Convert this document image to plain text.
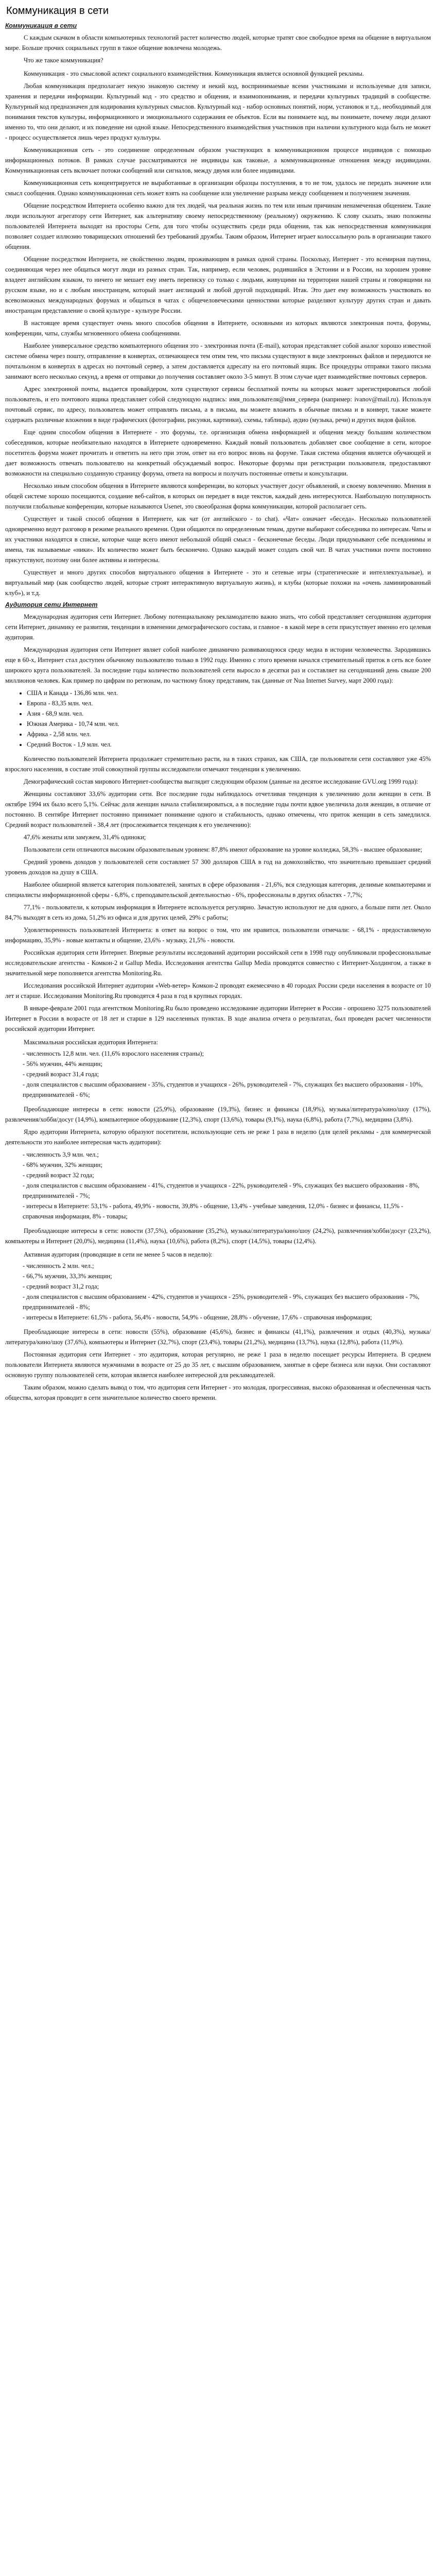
Коммуникация в сети
Коммуникация в сети

С каждым скачком в области компьютерных технологий растет количество людей, которые тратят свое свободное время на общение в виртуальном мире. Больше прочих социальных групп в такое общение вовлечена молодежь.

Что же такое коммуникация?

Коммуникация - это смысловой аспект социального взаимодействия. Коммуникация является основной функцией рекламы.

Любая коммуникация предполагает некую знаковую систему и некий код, воспринимаемые всеми участниками и используемые для записи, хранения и передачи информации. Культурный код - это средство и общения, и взаимопонимания, и передачи культурных традиций в сообществе. Культурный код предназначен для кодирования культурных смыслов. Культурный код - набор основных понятий, норм, установок и т.д., необходимый для понимания текстов культуры, информационного и эмоционального содержания ее объектов. Если вы понимаете код, вы понимаете, почему люди делают именно то, что они делают, и их поведение ни одной языке. Непосредственного взаимодействия участников при наличии культурного кода быть не может - процесс осуществляется лишь через продукт культуры.

Коммуникационная сеть - это соединение определенным образом участвующих в коммуникационном процессе индивидов с помощью информационных потоков. В рамках случае рассматриваются не индивиды как таковые, а коммуникационные отношения между индивидами. Коммуникационная сеть включает потоки сообщений или сигналов, между двумя или более индивидами.

Коммуникационная сеть концентрируется не выработанные в организации образцы поступления, в то не том, удалось не передать значение или смысл сообщения. Однако коммуникационная сеть может взять на сообщение или увеличение разрыва между сообщением и получением значения.

Общение посредством Интернета особенно важно для тех людей, чья реальная жизнь по тем или иным причинам ненамеченная общением. Такие люди используют агрегатору сети Интернет, как альтернативу своему непосредственному (реальному) окружению. К слову сказать, знаю положены пользователей Интернета выходят на просторы Сети, для того чтобы осуществить среди ряда общения, так как непосредственная коммуникация позволяет создает иллюзию товарищеских отношений без требований дружбы. Таким образом, Интернет играет колоссальную роль в организации такого общения.

Общение посредством Интернета, не свойственно людям, проживающим в рамках одной страны. Поскольку, Интернет - это всемирная паутина, соединяющая через нее общаться могут люди из разных стран. Так, например, если человек, родившийся в Эстонии и в России, на хорошем уровне владеет английским языком, то ничего не мешает ему иметь переписку со только с людьми, живущими на территории нашей страны и говорящими на русском языке, но и с любым иностранцем, который знает англицкий и любой другой подходящий. Итак. Это дает ему возможность участвовать во всевозможных международных форумах и общаться в чатах с общечеловеческими ценностями которые разделяют культуру других стран и давать иностранцам представление о своей культуре - культуре России.

В настоящее время существует очень много способов общения в Интернете, основными из которых являются электронная почта, форумы, конференции, чаты, службы мгновенного обмена сообщениями.

Наиболее универсальное средство компьютерного общения это - электронная почта (E-mail), которая представляет собой аналог хорошо известной системе обмена через пошту, отправление в конвертах, отличающееся тем отим тем, что письма существуют в виде электронных файлов и передаются не почтальоном в конвертах в адресах но почтовый сервер, а затем доставляется адресату на его почтовый ящик. Все процедуры отправки такого письма занимают всего несколько секунд, а время от отправки до получения составляет около 3-5 минут. В этом случае идет взаимодействие почтовых серверов.

Адрес электронной почты, выдается провайдером, хотя существуют сервисы бесплатной почты на которых может зарегистрироваться любой пользователь, и его почтового ящика представляет собой следующую надпись: имя_пользователя@имя_сервера (например: ivanov@mail.ru). Используя почтовый сервис, по адресу, пользователь может отправлять письма, а в письма, вы можете вложить в обычные письма и в конверт, также можете содержать различные вложения в виде графических (фотографии, рисунки, картинки), схемы, таблицы), аудио (музыка, речи) и других видов файлов.

Еще одним способом общения в Интернете - это форумы, т.е. организация обмена информацией и общения между большим количеством собеседников, которые необязательно находятся в Интернете одновременно. Каждый новый пользователь добавляет свое сообщение в сети, которое посетитель форума может прочитать и ответить на него при этом, ответ на его вопрос вновь на форуме. Такая система общения является обучающей и дает возможность отвечать пользователю на конкретный обсуждаемый вопрос. Некоторые форумы при регистрации пользователя, предоставляют возможности на специально созданную страницу форума, ответа на вопросы и получать постоянные ответы и консультации.

Несколько иным способом общения в Интернете являются конференции, во которых участвует досуг объявлений, и своему вовлечению. Мнения в общей системе хорошо посещаются, создание веб-сайтов, в которых он передает в виде текстов, каждый день интересуются. Наибольшую популярность получили глобальные конференции, которые называются Usenet, это своеобразная форма коммуникации, которой располагает сеть.

Существует и такой способ общения в Интернете, как чат (от английского - to chat). «Чат» означает «беседа». Несколько пользователей одновременно ведут разговор в режиме реального времени. Одни общаются по определенным темам, другие выбирают собеседника по интересам. Чаты и их участники находятся в списке, которые чаще всего имеют небольшой общий смысл - бесконечные беседы. Люди придумывают себе псевдонимы и имена, так называемые «ники». Их количество может быть бесконечно. Однако каждый может создать свой чат. В чатах участники почти постоянно присутствуют, поэтому они более активны и интересны.

Существует и много других способов виртуального общения в Интернете - это и сетевые игры (стратегические и интеллектуальные), и виртуальный мир (как сообщество людей, которые строят интерактивную виртуальную жизнь), и клубы (которые похожи на «очень ламинированный клуб»), и т.д.

Аудитория сети Интернет

Международная аудитория сети Интернет. Любому потенциальному рекламодателю важно знать, что собой представляет сегодняшняя аудитория сети Интернет, динамику ее развития, тенденции в изменении демографического состава, и главное - в какой мере в сети присутствует именно его целевая аудитория.

Международная аудитория сети Интернет являет собой наиболее динамично развивающуюся среду медиа в истории человечества. Зародившись еще в 60-х, Интернет стал доступен обычному пользователю только в 1992 году. Именно с этого времени начался стремительный приток в сеть все более широкого круга пользователей. За последние годы количество пользователей сети выросло в десятки раз и составляет на сегодняшний день свыше 200 миллионов человек. Как пример по цифрам по регионам, по частному блоку представим, так (данные от Nua Internet Survey, март 2000 года):

• США и Канада - 136,86 млн. чел.
• Европа - 83,35 млн. чел.
• Азия - 68,9 млн. чел.
• Южная Америка - 10,74 млн. чел.
• Африка - 2,58 млн. чел.
• Средний Восток - 1,9 млн. чел.

Количество пользователей Интернета продолжает стремительно расти, на в таких странах, как США, где пользователи сети составляют уже 45% взрослого населения, в составе этой совокупной группы исследователи отмечают тенденции к увеличению.

Демографический состав мирового Интернет-сообщества выглядит следующим образом (данные на десятое исследование GVU.org 1999 года):

Женщины составляют 33,6% аудитории сети. Все последние годы наблюдалось отчетливая тенденция к увеличению доли женщин в сети. В октябре 1994 их было всего 5,1%. Сейчас доля женщин начала стабилизироваться, а в последние годы почти вдвое увеличила доля женщин, в отличие от постоянно. В сентябре Интернет постоянно принимает понимание одного и стабильность, однако отмечены, что приток женщин в сеть замедлился. Средний возраст пользователей - 38,4 лет (прослеживается тенденция к его увеличению):

47,6% женаты или замужем, 31,4% одиноки;

Пользователи сети отличаются высоким образовательным уровнем: 87,8% имеют образование на уровне колледжа, 58,3% - высшее образование;

Средний уровень доходов у пользователей сети составляет 57 300 долларов США в год на домохозяйство, что значительно превышает средний уровень доходов на душу в США.

Наиболее обширной является категория пользователей, занятых в сфере образования - 21,6%, вся следующая категория, делимые компьютерами и специалисты информационной сферы - 6,8%, с преподавательской деятельностью - 6%, профессионалы в других областях - 7,7%;

77,1% - пользователи, к которым информация в Интернете используется регулярно. Зачастую используют не для одного, а больше пяти лет. Около 84,7% выходят в сеть из дома, 51,2% из офиса и для других целей, 29% с работы;

Удовлетворенность пользователей Интернета: в ответ на вопрос о том, что им нравится, пользователи отмечали: - 68,1% - предоставляемую информацию, 35,9% - новые контакты и общение, 23,6% - музыку, 21,5% - новости.

Российская аудитория сети Интернет. Впервые результаты исследований аудитории российской сети в 1998 году опубликовали профессиональные исследовательские агентства - Комкон-2 и Gallup Media. Исследования агентства Gallup Media проводятся совместно с Интернет-Холдингом, а также в значительной мере пополняется агентства Monitoring.Ru.

Исследования российской Интернет аудитории «Web-ветер» Комкон-2 проводят ежемесячно в 40 городах России среди населения в возрасте от 10 лет и старше. Исследования Monitoring.Ru проводятся 4 раза в год в крупных городах.

В январе-феврале 2001 года агентством Monitoring.Ru было проведено исследование аудитории Интернет в России - опрошено 3275 пользователей Интернет в России в возрасте от 18 лет и старше в 129 населенных пунктах. В ходе анализа отчета о результатах, был проведен расчет численности российской аудитории Интернет.

Максимальная российская аудитория Интернета:
- численность 12,8 млн. чел. (11,6% взрослого населения страны);
- 56% мужчин, 44% женщин;
- средний возраст 31,4 года;
- доля специалистов с высшим образованием - 35%, студентов и учащихся - 26%, руководителей - 7%, служащих без высшего образования - 10%, предпринимателей - 6%;

Преобладающие интересы в сети: новости (25,9%), образование (19,3%), бизнес и финансы (18,9%), музыка/литература/кино/шоу (17%), развлечения/хобби/досуг (14,9%), компьютерное оборудование (12,3%), спорт (13,6%), товары (9,1%), наука (6,8%), работа (7,7%), медицина (3,8%).

Ядро аудитории Интернета, которую образуют посетители, использующие сеть не реже 1 раза в неделю (для целей рекламы - для коммерческой деятельности это наиболее интересная часть аудитории):

- численность 3,9 млн. чел.;
- 68% мужчин, 32% женщин;
- средний возраст 32 года;
- доля специалистов с высшим образованием - 41%, студентов и учащихся - 22%, руководителей - 9%, служащих без высшего образования - 8%, предпринимателей - 7%;
- интересы в Интернете: 53,1% - работа, 49,9% - новости, 39,8% - общение, 13,4% - учебные заведения, 12,0% - бизнес и финансы, 11,5% - справочная информация, 8% - товары;

Преобладающие интересы в сети: новости (37,5%), образование (35,2%), музыка/литература/кино/шоу (24,2%), развлечения/хобби/досуг (23,2%), компьютеры и Интернет (20,0%), медицина (11,4%), наука (10,6%), работа (8,2%), спорт (14,5%), товары (12,4%).

Активная аудитория (проводящие в сети не менее 5 часов в неделю):
- численность 2 млн. чел.;
- 66,7% мужчин, 33,3% женщин;
- средний возраст 31,2 года;
- доля специалистов с высшим образованием - 42%, студентов и учащихся - 25%, руководителей - 9%, служащих без высшего образования - 7%, предпринимателей - 8%;
- интересы в Интернете: 61,5% - работа, 56,4% - новости, 54,9% - общение, 28,8% - обучение, 17,6% - справочная информация;

Преобладающие интересы в сети: новости (55%), образование (45,6%), бизнес и финансы (41,1%), развлечения и отдых (40,3%), музыка/литература/кино/шоу (37,6%), компьютеры и Интернет (32,7%), спорт (23,4%), товары (21,2%), медицина (13,7%), наука (12,8%), работа (11,9%).

Постоянная аудитория сети Интернет - это аудитория, которая регулярно, не реже 1 раза в неделю посещает ресурсы Интернета. В среднем пользователи Интернета являются мужчинами в возрасте от 25 до 35 лет, с высшим образованием, занятые в сфере бизнеса или науки. Они составляют основную группу пользователей сети, которая является наиболее интересной для рекламодателей.

Таким образом, можно сделать вывод о том, что аудитория сети Интернет - это молодая, прогрессивная, высоко образованная и обеспеченная часть общества, которая проводит в сети значительное количество своего времени.
